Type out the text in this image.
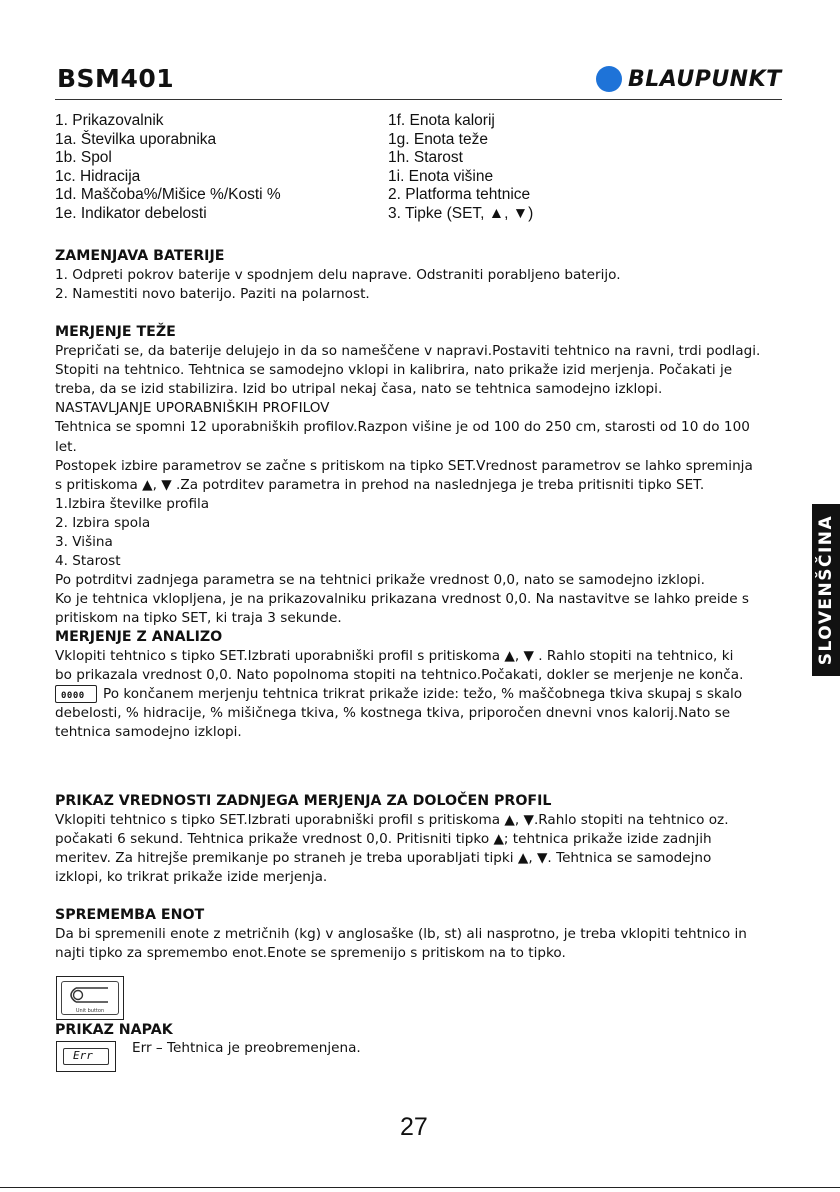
BSM401	BLAUPUNKT
1. Prikazovalnik
1a. Številka uporabnika
1b. Spol
1c. Hidracija
1d. Maščoba%/Mišice %/Kosti %
1e. Indikator debelosti
1f. Enota kalorij
1g. Enota teže
1h. Starost
1i. Enota višine
2. Platforma tehtnice
3. Tipke (SET, ▲, ▼)

ZAMENJAVA BATERIJE

1. Odpreti pokrov baterije v spodnjem delu naprave. Odstraniti porabljeno baterijo.

2. Namestiti novo baterijo. Paziti na polarnost.

MERJENJE TEŽE

Prepričati se, da baterije delujejo in da so nameščene v napravi.Postaviti tehtnico na ravni, trdi podlagi.

Stopiti na tehtnico. Tehtnica se samodejno vklopi in kalibrira, nato prikaže izid merjenja. Počakati je

treba, da se izid stabilizira. Izid bo utripal nekaj časa, nato se tehtnica samodejno izklopi.

NASTAVLJANJE UPORABNIŠKIH PROFILOV

Tehtnica se spomni 12 uporabniških profilov.Razpon višine je od 100 do 250 cm, starosti od 10 do 100

let.

Postopek izbire parametrov se začne s pritiskom na tipko SET.Vrednost parametrov se lahko spreminja

s pritiskoma ▲, ▼ .Za potrditev parametra in prehod na naslednjega je treba pritisniti tipko SET.

1.Izbira številke profila

2. Izbira spola

3. Višina

4. Starost

Po potrditvi zadnjega parametra se na tehtnici prikaže vrednost 0,0, nato se samodejno izklopi.

Ko je tehtnica vklopljena, je na prikazovalniku prikazana vrednost 0,0. Na nastavitve se lahko preide s

pritiskom na tipko SET, ki traja 3 sekunde.

MERJENJE Z ANALIZO

Vklopiti tehtnico s tipko SET.Izbrati uporabniški profil s pritiskoma ▲, ▼ . Rahlo stopiti na tehtnico, ki

bo prikazala vrednost 0,0. Nato popolnoma stopiti na tehtnico.Počakati, dokler se merjenje ne konča.

0000 Po končanem merjenju tehtnica trikrat prikaže izide: težo, % maščobnega tkiva skupaj s skalo

debelosti, % hidracije, % mišičnega tkiva, % kostnega tkiva, priporočen dnevni vnos kalorij.Nato se

tehtnica samodejno izklopi.

PRIKAZ VREDNOSTI ZADNJEGA MERJENJA ZA DOLOČEN PROFIL

Vklopiti tehtnico s tipko SET.Izbrati uporabniški profil s pritiskoma ▲, ▼.Rahlo stopiti na tehtnico oz.

počakati 6 sekund. Tehtnica prikaže vrednost 0,0. Pritisniti tipko ▲; tehtnica prikaže izide zadnjih

meritev. Za hitrejše premikanje po straneh je treba uporabljati tipki ▲, ▼. Tehtnica se samodejno

izklopi, ko trikrat prikaže izide merjenja.

SPREMEMBA ENOT

Da bi spremenili enote z metričnih (kg) v anglosaške (lb, st) ali nasprotno, je treba vklopiti tehtnico in

najti tipko za spremembo enot.Enote se spremenijo s pritiskom na to tipko.

Unit button

PRIKAZ NAPAK

Err	Err – Tehtnica je preobremenjena.

SLOVENŠČINA
27
